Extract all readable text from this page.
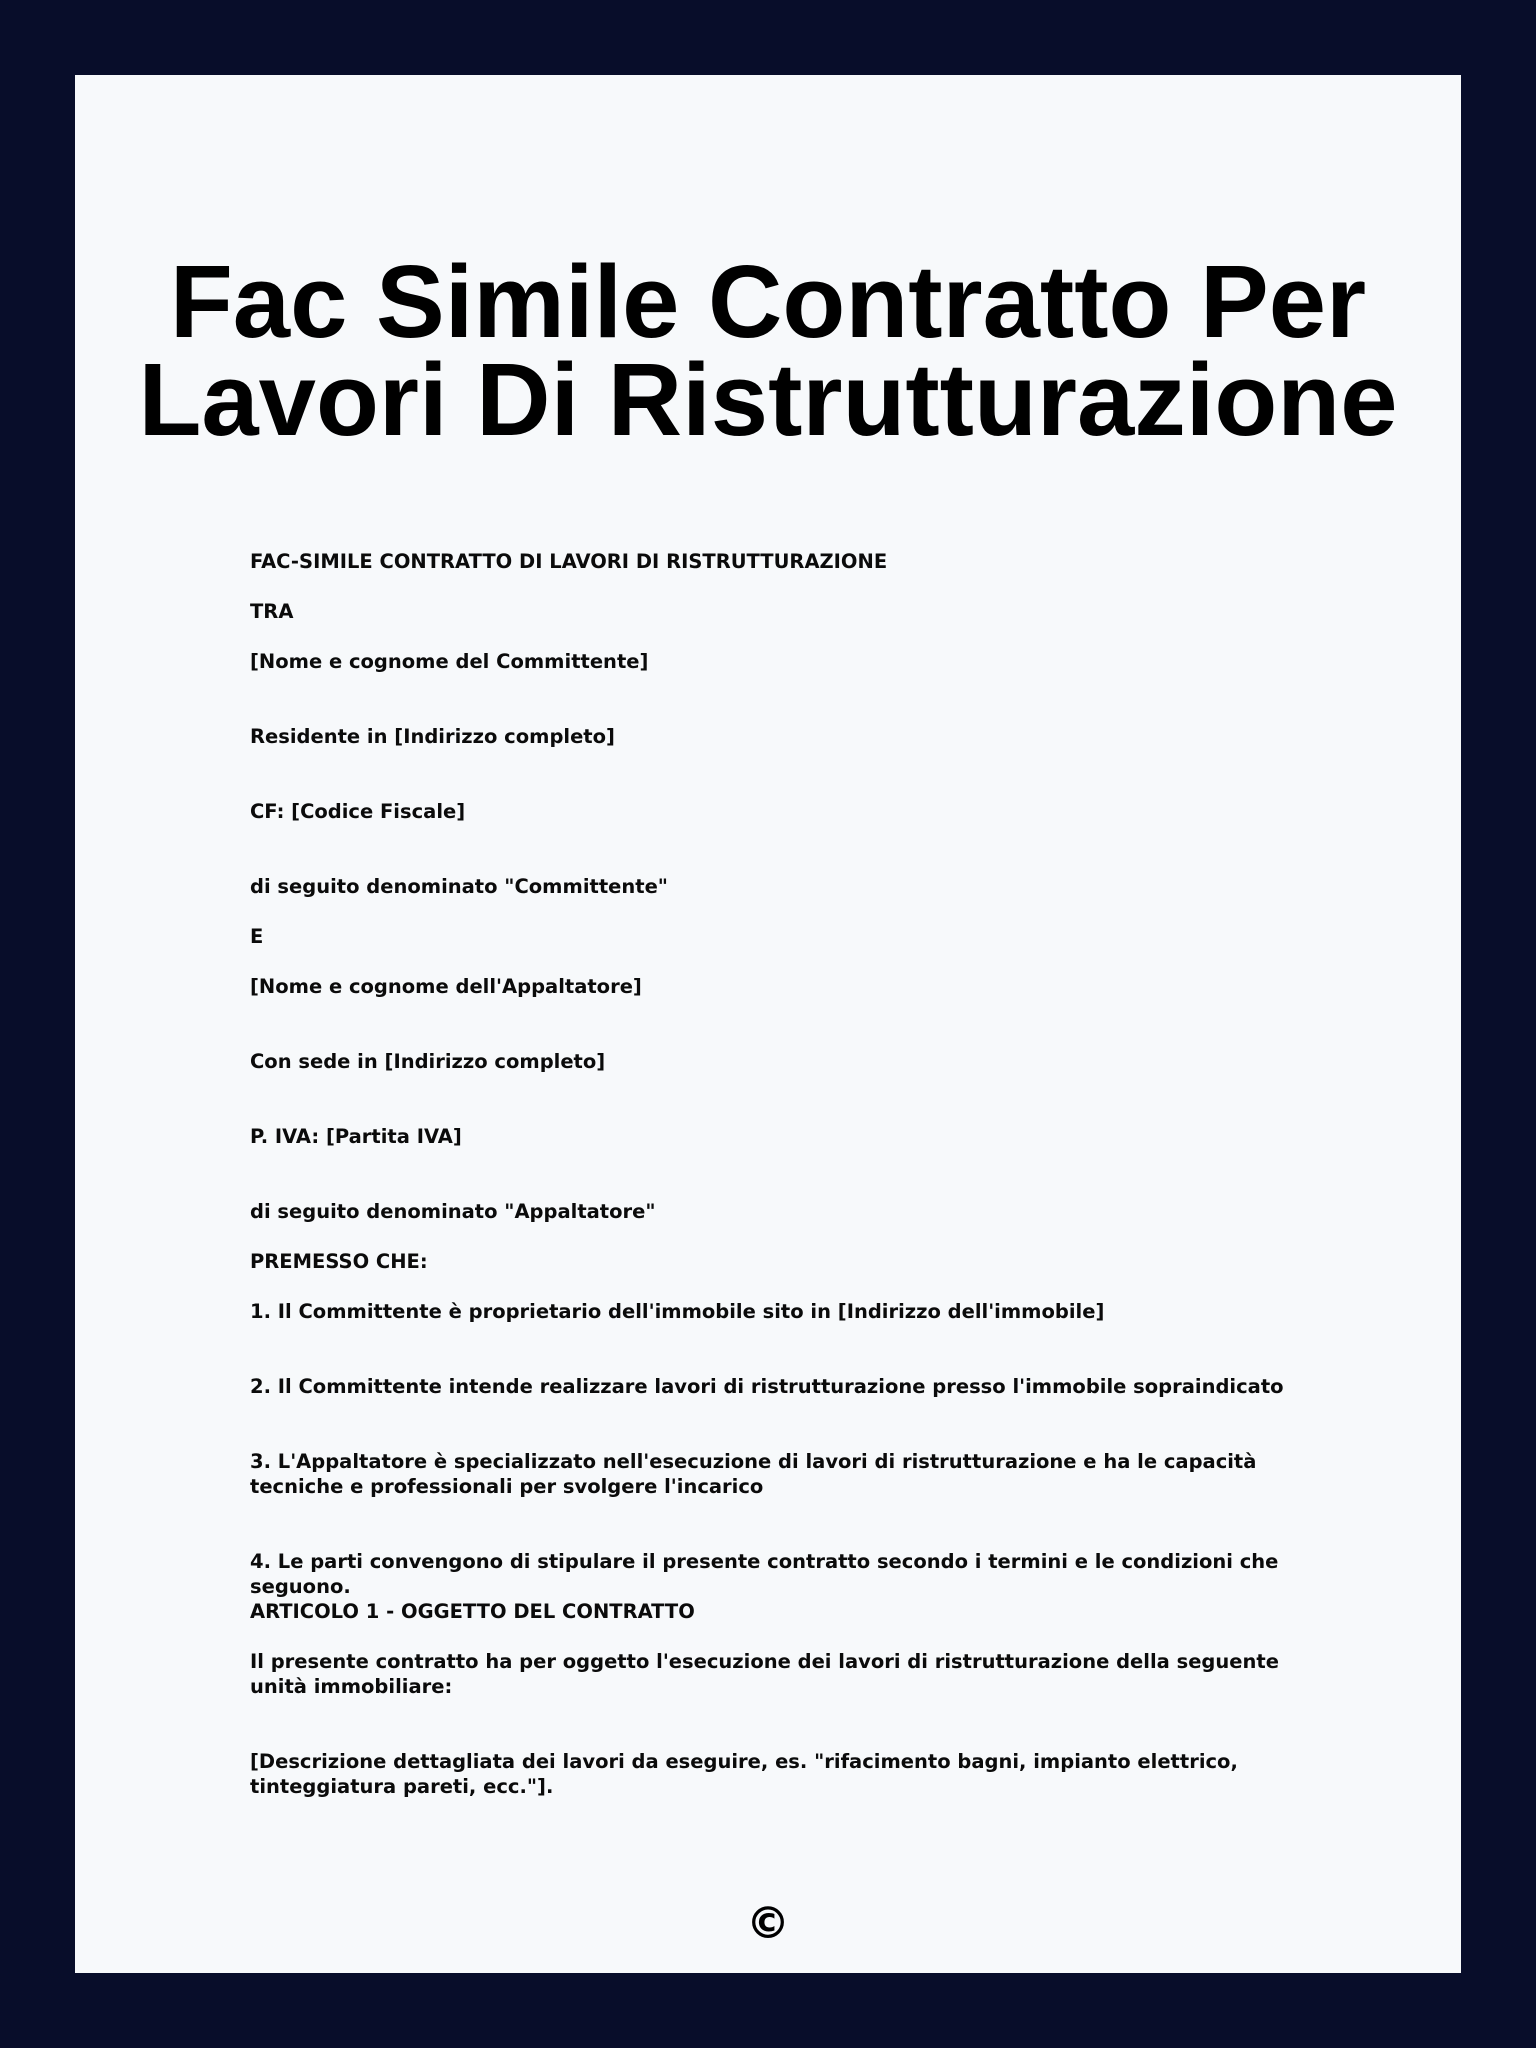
Fac Simile Contratto Per
Lavori Di Ristrutturazione

FAC-SIMILE CONTRATTO DI LAVORI DI RISTRUTTURAZIONE

TRA

[Nome e cognome del Committente]

Residente in [Indirizzo completo]

CF: [Codice Fiscale]

di seguito denominato "Committente"

E

[Nome e cognome dell'Appaltatore]

Con sede in [Indirizzo completo]

P. IVA: [Partita IVA]

di seguito denominato "Appaltatore"

PREMESSO CHE:

1. Il Committente è proprietario dell'immobile sito in [Indirizzo dell'immobile]

2. Il Committente intende realizzare lavori di ristrutturazione presso l'immobile sopraindicato

3. L'Appaltatore è specializzato nell'esecuzione di lavori di ristrutturazione e ha le capacità tecniche e professionali per svolgere l'incarico

4. Le parti convengono di stipulare il presente contratto secondo i termini e le condizioni che seguono.

ARTICOLO 1 - OGGETTO DEL CONTRATTO

Il presente contratto ha per oggetto l'esecuzione dei lavori di ristrutturazione della seguente unità immobiliare:

[Descrizione dettagliata dei lavori da eseguire, es. "rifacimento bagni, impianto elettrico, tinteggiatura pareti, ecc."].

©
